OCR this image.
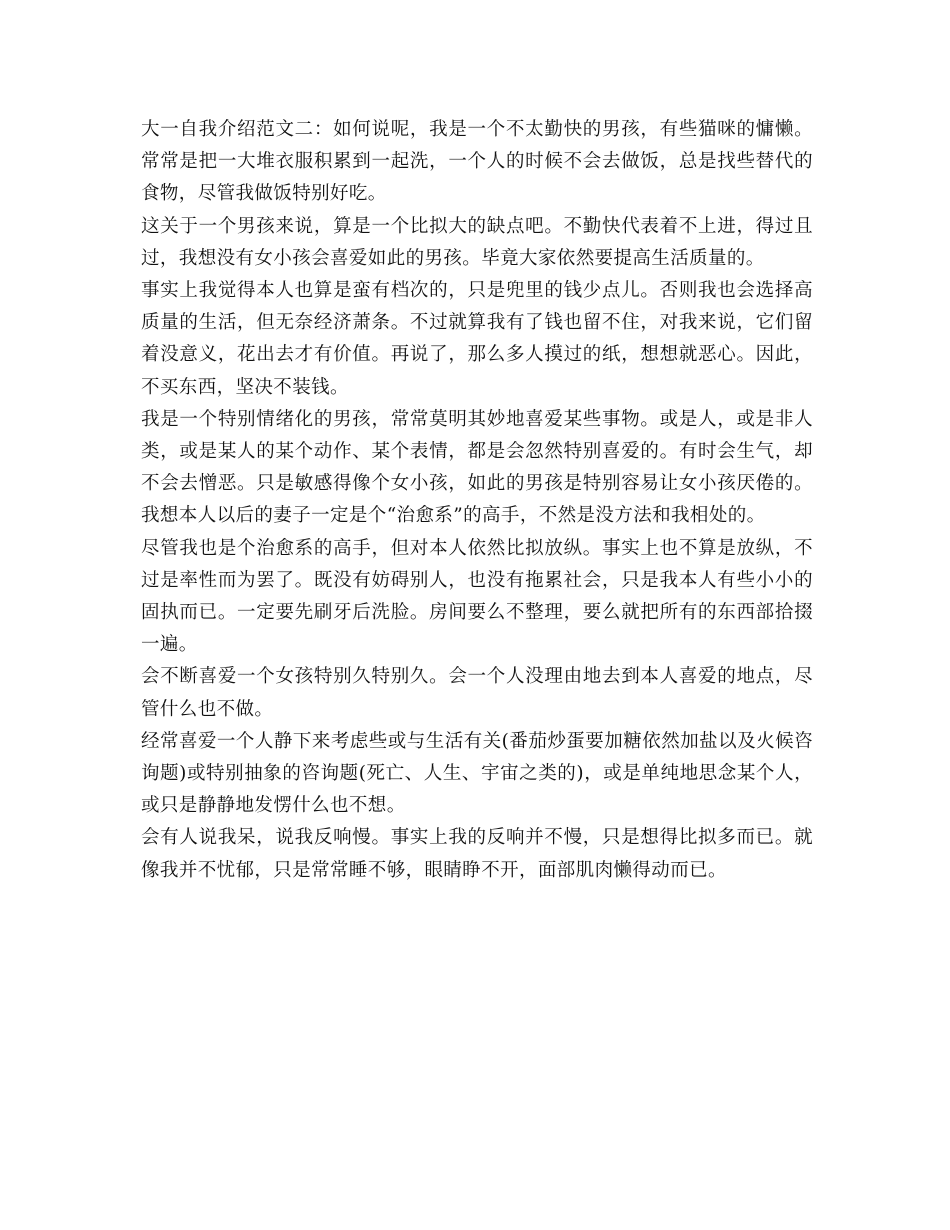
大一自我介绍范文二：如何说呢，我是一个不太勤快的男孩，有些猫咪的慵懒。常常是把一大堆衣服积累到一起洗，一个人的时候不会去做饭，总是找些替代的食物，尽管我做饭特别好吃。

这关于一个男孩来说，算是一个比拟大的缺点吧。不勤快代表着不上进，得过且过，我想没有女小孩会喜爱如此的男孩。毕竟大家依然要提高生活质量的。

事实上我觉得本人也算是蛮有档次的，只是兜里的钱少点儿。否则我也会选择高质量的生活，但无奈经济萧条。不过就算我有了钱也留不住，对我来说，它们留着没意义，花出去才有价值。再说了，那么多人摸过的纸，想想就恶心。因此，不买东西，坚决不装钱。

我是一个特别情绪化的男孩，常常莫明其妙地喜爱某些事物。或是人，或是非人类，或是某人的某个动作、某个表情，都是会忽然特别喜爱的。有时会生气，却不会去憎恶。只是敏感得像个女小孩，如此的男孩是特别容易让女小孩厌倦的。我想本人以后的妻子一定是个“治愈系”的高手，不然是没方法和我相处的。

尽管我也是个治愈系的高手，但对本人依然比拟放纵。事实上也不算是放纵，不过是率性而为罢了。既没有妨碍别人，也没有拖累社会，只是我本人有些小小的固执而已。一定要先刷牙后洗脸。房间要么不整理，要么就把所有的东西部拾掇一遍。

会不断喜爱一个女孩特别久特别久。会一个人没理由地去到本人喜爱的地点，尽管什么也不做。

经常喜爱一个人静下来考虑些或与生活有关(番茄炒蛋要加糖依然加盐以及火候咨询题)或特别抽象的咨询题(死亡、人生、宇宙之类的)，或是单纯地思念某个人，或只是静静地发愣什么也不想。

会有人说我呆，说我反响慢。事实上我的反响并不慢，只是想得比拟多而已。就像我并不忧郁，只是常常睡不够，眼睛睁不开，面部肌肉懒得动而已。
